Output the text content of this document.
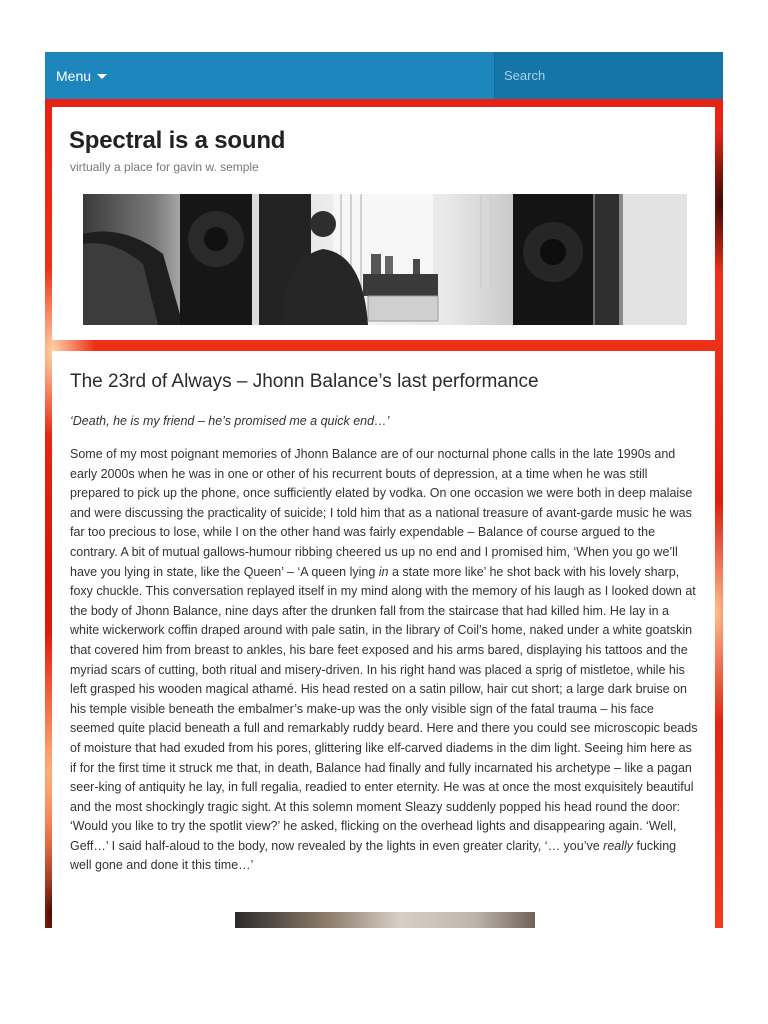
Menu
Search
Spectral is a sound
virtually a place for gavin w. semple
The 23rd of Always – Jhonn Balance’s last performance

‘Death, he is my friend – he’s promised me a quick end…’

Some of my most poignant memories of Jhonn Balance are of our nocturnal phone calls in the late 1990s and early 2000s when he was in one or other of his recurrent bouts of depression, at a time when he was still prepared to pick up the phone, once sufficiently elated by vodka. On one occasion we were both in deep malaise and were discussing the practicality of suicide; I told him that as a national treasure of avant-garde music he was far too precious to lose, while I on the other hand was fairly expendable – Balance of course argued to the contrary. A bit of mutual gallows-humour ribbing cheered us up no end and I promised him, ‘When you go we’ll have you lying in state, like the Queen’ – ‘A queen lying in a state more like’ he shot back with his lovely sharp, foxy chuckle. This conversation replayed itself in my mind along with the memory of his laugh as I looked down at the body of Jhonn Balance, nine days after the drunken fall from the staircase that had killed him. He lay in a white wickerwork coffin draped around with pale satin, in the library of Coil’s home, naked under a white goatskin that covered him from breast to ankles, his bare feet exposed and his arms bared, displaying his tattoos and the myriad scars of cutting, both ritual and misery-driven. In his right hand was placed a sprig of mistletoe, while his left grasped his wooden magical athamé. His head rested on a satin pillow, hair cut short; a large dark bruise on his temple visible beneath the embalmer’s make-up was the only visible sign of the fatal trauma – his face seemed quite placid beneath a full and remarkably ruddy beard. Here and there you could see microscopic beads of moisture that had exuded from his pores, glittering like elf-carved diadems in the dim light. Seeing him here as if for the first time it struck me that, in death, Balance had finally and fully incarnated his archetype – like a pagan seer-king of antiquity he lay, in full regalia, readied to enter eternity. He was at once the most exquisitely beautiful and the most shockingly tragic sight. At this solemn moment Sleazy suddenly popped his head round the door: ‘Would you like to try the spotlit view?’ he asked, flicking on the overhead lights and disappearing again. ‘Well, Geff…’ I said half-aloud to the body, now revealed by the lights in even greater clarity, ‘… you’ve really fucking well gone and done it this time…’
